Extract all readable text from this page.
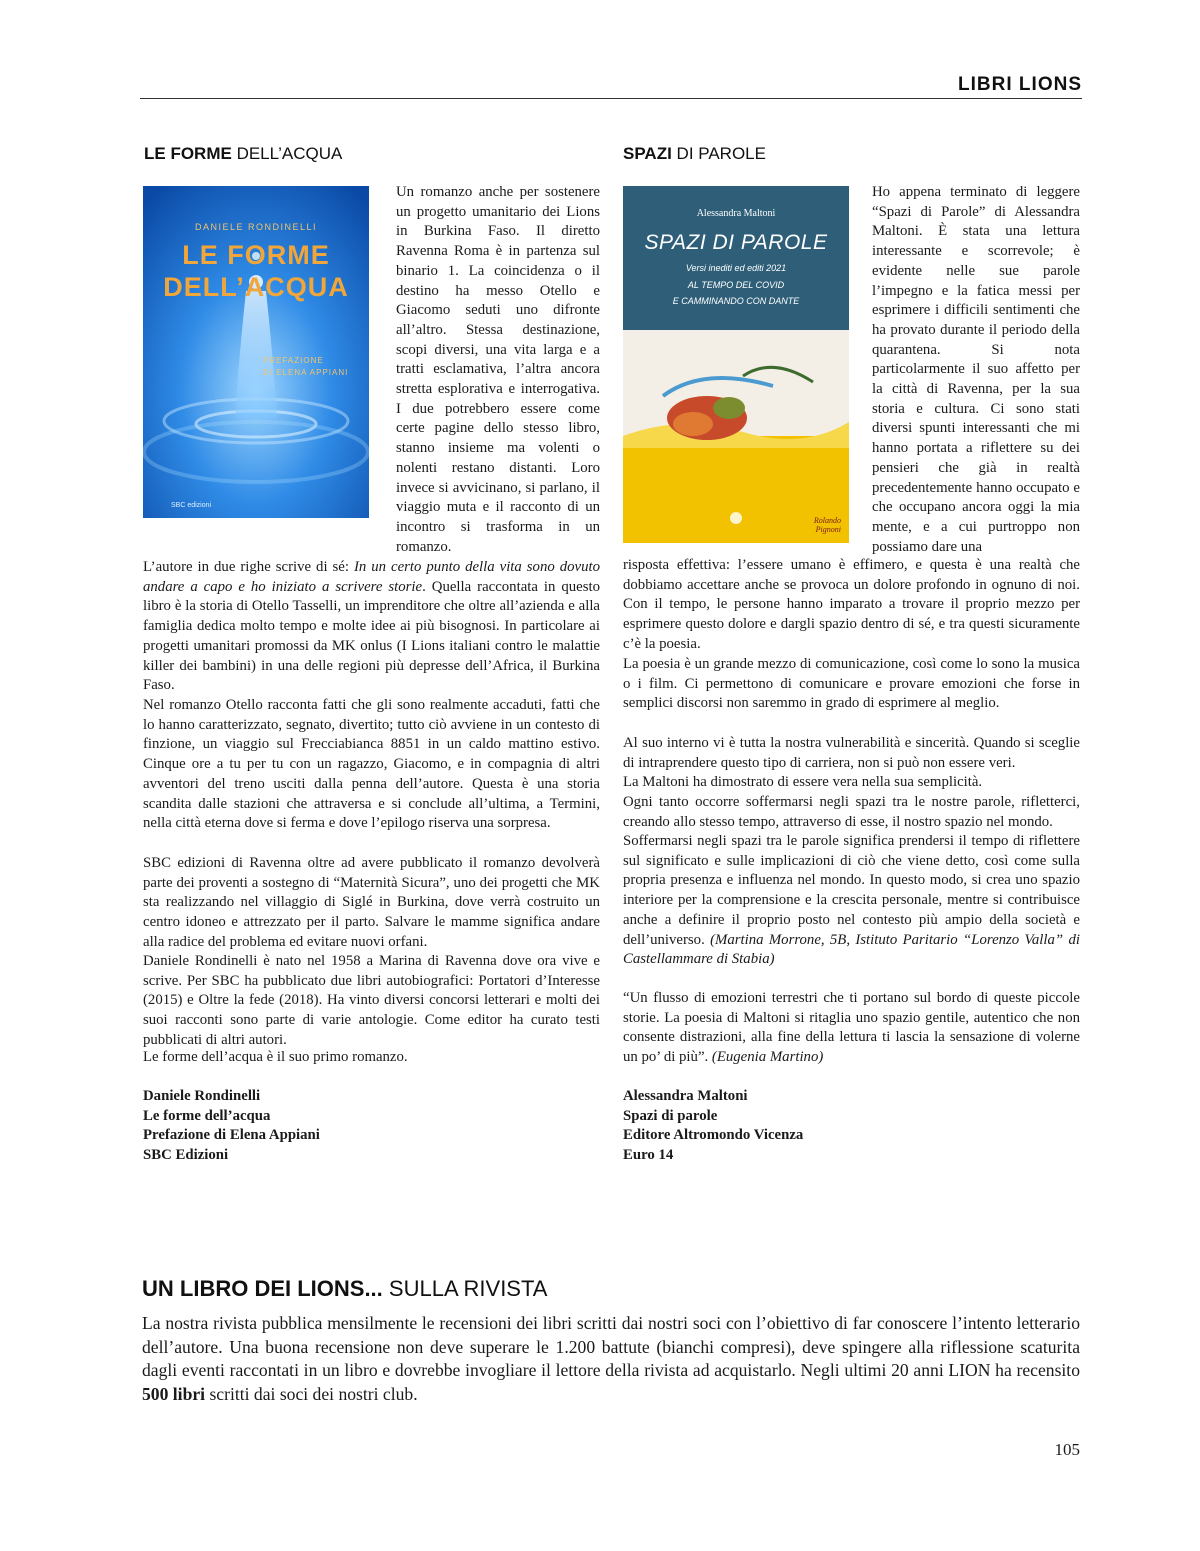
LIBRI LIONS
LE FORME DELL’ACQUA
DANIELE RONDINELLI
LE FORME
DELL’ACQUA
PREFAZIONE
DI ELENA APPIANI
SBC edizioni

Un romanzo anche per sostenere un progetto umanitario dei Lions in Burkina Faso. Il diretto Ravenna Roma è in partenza sul binario 1. La coincidenza o il destino ha messo Otello e Giacomo seduti uno difronte all’altro. Stessa destinazione, scopi diversi, una vita larga e a tratti esclamativa, l’altra ancora stretta esplorativa e interrogativa. I due potrebbero essere come certe pagine dello stesso libro, stanno insieme ma volenti o nolenti restano distanti. Loro invece si avvicinano, si parlano, il viaggio muta e il racconto di un incontro si trasforma in un romanzo.

L’autore in due righe scrive di sé: In un certo punto della vita sono dovuto andare a capo e ho iniziato a scrivere storie. Quella raccontata in questo libro è la storia di Otello Tasselli, un imprenditore che oltre all’azienda e alla famiglia dedica molto tempo e molte idee ai più bisognosi. In particolare ai progetti umanitari promossi da MK onlus (I Lions italiani contro le malattie killer dei bambini) in una delle regioni più depresse dell’Africa, il Burkina Faso.

Nel romanzo Otello racconta fatti che gli sono realmente accaduti, fatti che lo hanno caratterizzato, segnato, divertito; tutto ciò avviene in un contesto di finzione, un viaggio sul Frecciabianca 8851 in un caldo mattino estivo. Cinque ore a tu per tu con un ragazzo, Giacomo, e in compagnia di altri avventori del treno usciti dalla penna dell’autore. Questa è una storia scandita dalle stazioni che attraversa e si conclude all’ultima, a Termini, nella città eterna dove si ferma e dove l’epilogo riserva una sorpresa.

SBC edizioni di Ravenna oltre ad avere pubblicato il romanzo devolverà parte dei proventi a sostegno di “Maternità Sicura”, uno dei progetti che MK sta realizzando nel villaggio di Siglé in Burkina, dove verrà costruito un centro idoneo e attrezzato per il parto. Salvare le mamme significa andare alla radice del problema ed evitare nuovi orfani.

Daniele Rondinelli è nato nel 1958 a Marina di Ravenna dove ora vive e scrive. Per SBC ha pubblicato due libri autobiografici: Portatori d’Interesse (2015) e Oltre la fede (2018). Ha vinto diversi concorsi letterari e molti dei suoi racconti sono parte di varie antologie. Come editor ha curato testi pubblicati di altri autori.

Le forme dell’acqua è il suo primo romanzo.

Daniele Rondinelli
Le forme dell’acqua
Prefazione di Elena Appiani
SBC Edizioni
SPAZI DI PAROLE
Alessandra Maltoni
SPAZI DI PAROLE
Versi inediti ed editi 2021
AL TEMPO DEL COVID
E CAMMINANDO CON DANTE
Rolando Pignoni

Ho appena terminato di leggere “Spazi di Parole” di Alessandra Maltoni. È stata una lettura interessante e scorrevole; è evidente nelle sue parole l’impegno e la fatica messi per esprimere i difficili sentimenti che ha provato durante il periodo della quarantena. Si nota particolarmente il suo affetto per la città di Ravenna, per la sua storia e cultura. Ci sono stati diversi spunti interessanti che mi hanno portata a riflettere su dei pensieri che già in realtà precedentemente hanno occupato e che occupano ancora oggi la mia mente, e a cui purtroppo non possiamo dare una

risposta effettiva: l’essere umano è effimero, e questa è una realtà che dobbiamo accettare anche se provoca un dolore profondo in ognuno di noi. Con il tempo, le persone hanno imparato a trovare il proprio mezzo per esprimere questo dolore e dargli spazio dentro di sé, e tra questi sicuramente c’è la poesia.

La poesia è un grande mezzo di comunicazione, così come lo sono la musica o i film. Ci permettono di comunicare e provare emozioni che forse in semplici discorsi non saremmo in grado di esprimere al meglio.

Al suo interno vi è tutta la nostra vulnerabilità e sincerità. Quando si sceglie di intraprendere questo tipo di carriera, non si può non essere veri.

La Maltoni ha dimostrato di essere vera nella sua semplicità.

Ogni tanto occorre soffermarsi negli spazi tra le nostre parole, rifletterci, creando allo stesso tempo, attraverso di esse, il nostro spazio nel mondo.

Soffermarsi negli spazi tra le parole significa prendersi il tempo di riflettere sul significato e sulle implicazioni di ciò che viene detto, così come sulla propria presenza e influenza nel mondo. In questo modo, si crea uno spazio interiore per la comprensione e la crescita personale, mentre si contribuisce anche a definire il proprio posto nel contesto più ampio della società e dell’universo. (Martina Morrone, 5B, Istituto Paritario “Lorenzo Valla” di Castellammare di Stabia)

“Un flusso di emozioni terrestri che ti portano sul bordo di queste piccole storie. La poesia di Maltoni si ritaglia uno spazio gentile, autentico che non consente distrazioni, alla fine della lettura ti lascia la sensazione di volerne un po’ di più”. (Eugenia Martino)

Alessandra Maltoni
Spazi di parole
Editore Altromondo Vicenza
Euro 14
UN LIBRO DEI LIONS... SULLA RIVISTA

La nostra rivista pubblica mensilmente le recensioni dei libri scritti dai nostri soci con l’obiettivo di far conoscere l’intento letterario dell’autore. Una buona recensione non deve superare le 1.200 battute (bianchi compresi), deve spingere alla riflessione scaturita dagli eventi raccontati in un libro e dovrebbe invogliare il lettore della rivista ad acquistarlo. Negli ultimi 20 anni LION ha recensito 500 libri scritti dai soci dei nostri club.

105
